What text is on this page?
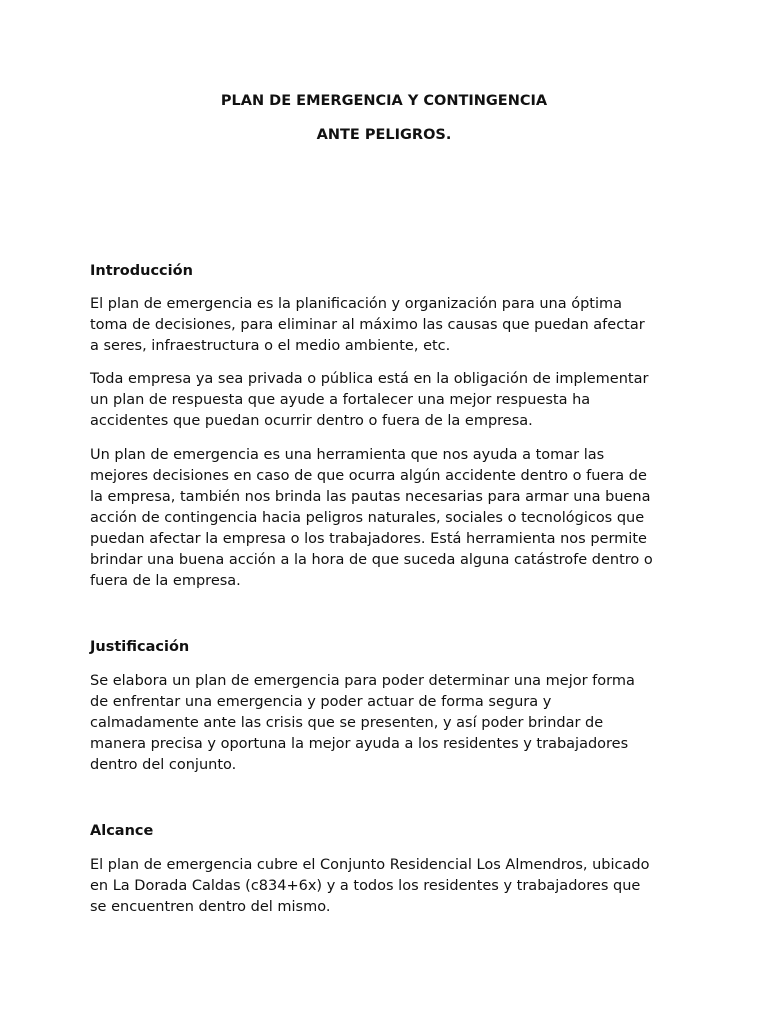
PLAN DE EMERGENCIA Y CONTINGENCIA
ANTE PELIGROS.
Introducción

El plan de emergencia es la planificación y organización para una óptima
toma de decisiones, para eliminar al máximo las causas que puedan afectar
a seres, infraestructura o el medio ambiente, etc.

Toda empresa ya sea privada o pública está en la obligación de implementar
un plan de respuesta que ayude a fortalecer una mejor respuesta ha
accidentes que puedan ocurrir dentro o fuera de la empresa.

Un plan de emergencia es una herramienta que nos ayuda a tomar las
mejores decisiones en caso de que ocurra algún accidente dentro o fuera de
la empresa, también nos brinda las pautas necesarias para armar una buena
acción de contingencia hacia peligros naturales, sociales o tecnológicos que
puedan afectar la empresa o los trabajadores. Está herramienta nos permite
brindar una buena acción a la hora de que suceda alguna catástrofe dentro o
fuera de la empresa.

Justificación

Se elabora un plan de emergencia para poder determinar una mejor forma
de enfrentar una emergencia y poder actuar de forma segura y
calmadamente ante las crisis que se presenten, y así poder brindar de
manera precisa y oportuna la mejor ayuda a los residentes y trabajadores
dentro del conjunto.

Alcance

El plan de emergencia cubre el Conjunto Residencial Los Almendros, ubicado
en La Dorada Caldas (c834+6x) y a todos los residentes y trabajadores que
se encuentren dentro del mismo.
